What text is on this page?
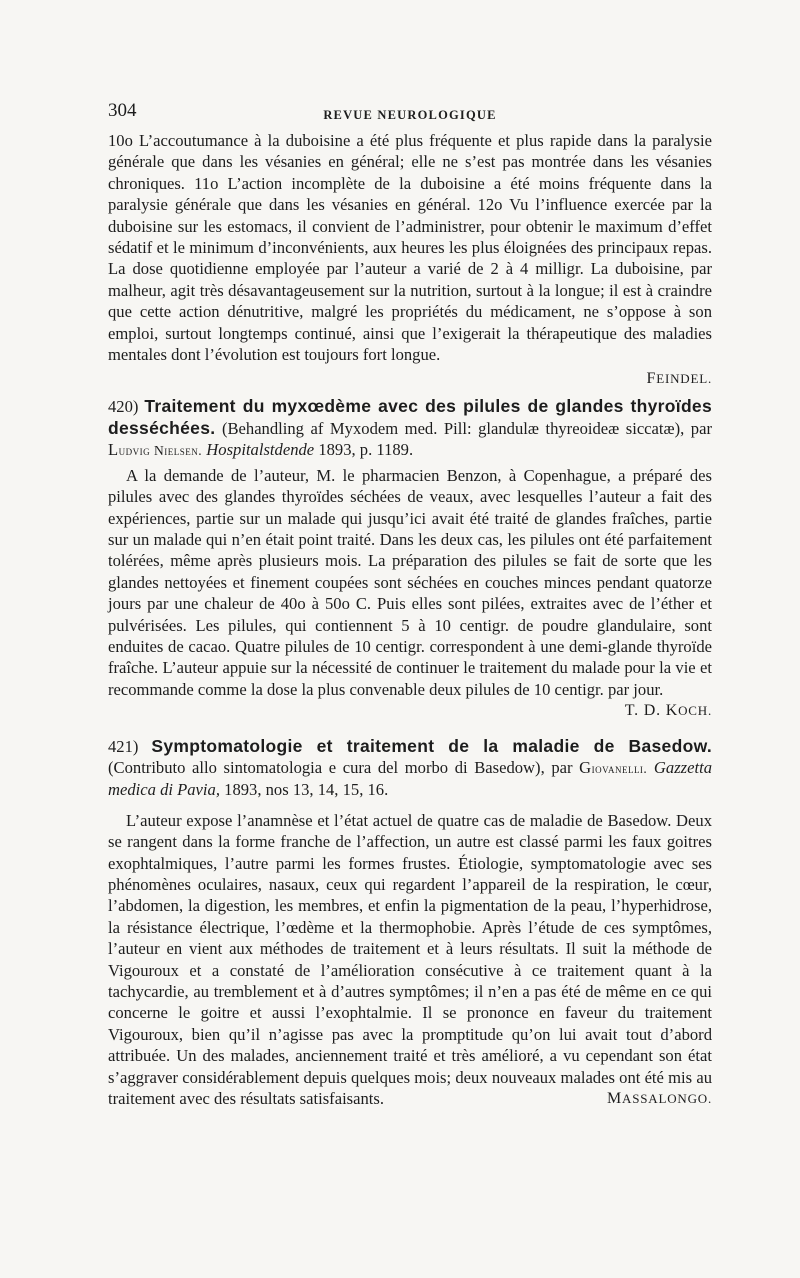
304	REVUE NEUROLOGIQUE

10o L’accoutumance à la duboisine a été plus fréquente et plus rapide dans la paralysie générale que dans les vésanies en général; elle ne s’est pas montrée dans les vésanies chroniques. 11o L’action incomplète de la duboisine a été moins fréquente dans la paralysie générale que dans les vésanies en général. 12o Vu l’influence exercée par la duboisine sur les estomacs, il convient de l’administrer, pour obtenir le maximum d’effet sédatif et le minimum d’inconvénients, aux heures les plus éloignées des principaux repas. La dose quotidienne employée par l’auteur a varié de 2 à 4 milligr. La duboisine, par malheur, agit très désavantageusement sur la nutrition, surtout à la longue; il est à craindre que cette action dénutritive, malgré les propriétés du médicament, ne s’oppose à son emploi, surtout longtemps continué, ainsi que l’exigerait la thérapeutique des maladies mentales dont l’évolution est toujours fort longue.

FEINDEL.
420) Traitement du myxœdème avec des pilules de glandes thyroïdes desséchées. (Behandling af Myxodem med. Pill: glandulæ thyreoideæ siccatæ), par Ludvig Nielsen. Hospitalstdende 1893, p. 1189.

A la demande de l’auteur, M. le pharmacien Benzon, à Copenhague, a préparé des pilules avec des glandes thyroïdes séchées de veaux, avec lesquelles l’auteur a fait des expériences, partie sur un malade qui jusqu’ici avait été traité de glandes fraîches, partie sur un malade qui n’en était point traité. Dans les deux cas, les pilules ont été parfaitement tolérées, même après plusieurs mois. La préparation des pilules se fait de sorte que les glandes nettoyées et finement coupées sont séchées en couches minces pendant quatorze jours par une chaleur de 40o à 50o C. Puis elles sont pilées, extraites avec de l’éther et pulvérisées. Les pilules, qui contiennent 5 à 10 centigr. de poudre glandulaire, sont enduites de cacao. Quatre pilules de 10 centigr. correspondent à une demi-glande thyroïde fraîche. L’auteur appuie sur la nécessité de continuer le traitement du malade pour la vie et recommande comme la dose la plus convenable deux pilules de 10 centigr. par jour.
T. D. KOCH.

421) Symptomatologie et traitement de la maladie de Basedow. (Contributo allo sintomatologia e cura del morbo di Basedow), par Giovanelli. Gazzetta medica di Pavia, 1893, nos 13, 14, 15, 16.

L’auteur expose l’anamnèse et l’état actuel de quatre cas de maladie de Basedow. Deux se rangent dans la forme franche de l’affection, un autre est classé parmi les faux goitres exophtalmiques, l’autre parmi les formes frustes. Étiologie, symptomatologie avec ses phénomènes oculaires, nasaux, ceux qui regardent l’appareil de la respiration, le cœur, l’abdomen, la digestion, les membres, et enfin la pigmentation de la peau, l’hyperhidrose, la résistance électrique, l’œdème et la thermophobie. Après l’étude de ces symptômes, l’auteur en vient aux méthodes de traitement et à leurs résultats. Il suit la méthode de Vigouroux et a constaté de l’amélioration consécutive à ce traitement quant à la tachycardie, au tremblement et à d’autres symptômes; il n’en a pas été de même en ce qui concerne le goitre et aussi l’exophtalmie. Il se prononce en faveur du traitement Vigouroux, bien qu’il n’agisse pas avec la promptitude qu’on lui avait tout d’abord attribuée. Un des malades, anciennement traité et très amélioré, a vu cependant son état s’aggraver considérablement depuis quelques mois; deux nouveaux malades ont été mis au traitement avec des résultats satisfaisants.	MASSALONGO.
